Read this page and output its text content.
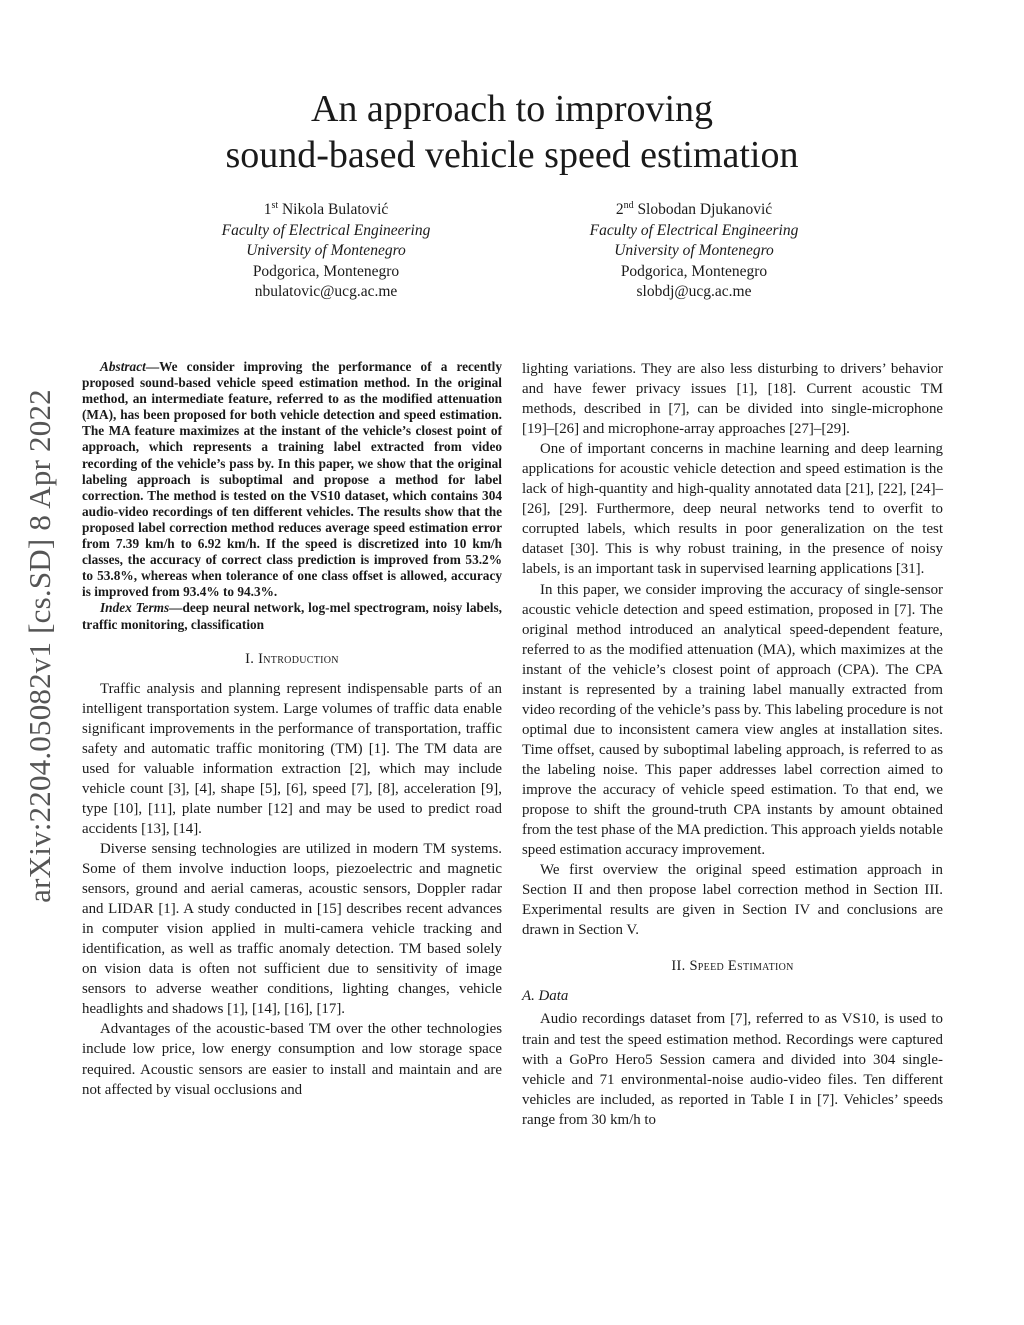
An approach to improving
sound-based vehicle speed estimation
1st Nikola Bulatović
Faculty of Electrical Engineering
University of Montenegro
Podgorica, Montenegro
nbulatovic@ucg.ac.me
2nd Slobodan Djukanović
Faculty of Electrical Engineering
University of Montenegro
Podgorica, Montenegro
slobdj@ucg.ac.me
arXiv:2204.05082v1 [cs.SD] 8 Apr 2022

Abstract—We consider improving the performance of a recently proposed sound-based vehicle speed estimation method. In the original method, an intermediate feature, referred to as the modified attenuation (MA), has been proposed for both vehicle detection and speed estimation. The MA feature maximizes at the instant of the vehicle’s closest point of approach, which represents a training label extracted from video recording of the vehicle’s pass by. In this paper, we show that the original labeling approach is suboptimal and propose a method for label correction. The method is tested on the VS10 dataset, which contains 304 audio-video recordings of ten different vehicles. The results show that the proposed label correction method reduces average speed estimation error from 7.39 km/h to 6.92 km/h. If the speed is discretized into 10 km/h classes, the accuracy of correct class prediction is improved from 53.2% to 53.8%, whereas when tolerance of one class offset is allowed, accuracy is improved from 93.4% to 94.3%.

Index Terms—deep neural network, log-mel spectrogram, noisy labels, traffic monitoring, classification

I. Introduction

Traffic analysis and planning represent indispensable parts of an intelligent transportation system. Large volumes of traffic data enable significant improvements in the performance of transportation, traffic safety and automatic traffic monitoring (TM) [1]. The TM data are used for valuable information extraction [2], which may include vehicle count [3], [4], shape [5], [6], speed [7], [8], acceleration [9], type [10], [11], plate number [12] and may be used to predict road accidents [13], [14].

Diverse sensing technologies are utilized in modern TM systems. Some of them involve induction loops, piezoelectric and magnetic sensors, ground and aerial cameras, acoustic sensors, Doppler radar and LIDAR [1]. A study conducted in [15] describes recent advances in computer vision applied in multi-camera vehicle tracking and identification, as well as traffic anomaly detection. TM based solely on vision data is often not sufficient due to sensitivity of image sensors to adverse weather conditions, lighting changes, vehicle headlights and shadows [1], [14], [16], [17].

Advantages of the acoustic-based TM over the other technologies include low price, low energy consumption and low storage space required. Acoustic sensors are easier to install and maintain and are not affected by visual occlusions and

lighting variations. They are also less disturbing to drivers’ behavior and have fewer privacy issues [1], [18]. Current acoustic TM methods, described in [7], can be divided into single-microphone [19]–[26] and microphone-array approaches [27]–[29].

One of important concerns in machine learning and deep learning applications for acoustic vehicle detection and speed estimation is the lack of high-quantity and high-quality annotated data [21], [22], [24]–[26], [29]. Furthermore, deep neural networks tend to overfit to corrupted labels, which results in poor generalization on the test dataset [30]. This is why robust training, in the presence of noisy labels, is an important task in supervised learning applications [31].

In this paper, we consider improving the accuracy of single-sensor acoustic vehicle detection and speed estimation, proposed in [7]. The original method introduced an analytical speed-dependent feature, referred to as the modified attenuation (MA), which maximizes at the instant of the vehicle’s closest point of approach (CPA). The CPA instant is represented by a training label manually extracted from video recording of the vehicle’s pass by. This labeling procedure is not optimal due to inconsistent camera view angles at installation sites. Time offset, caused by suboptimal labeling approach, is referred to as the labeling noise. This paper addresses label correction aimed to improve the accuracy of vehicle speed estimation. To that end, we propose to shift the ground-truth CPA instants by amount obtained from the test phase of the MA prediction. This approach yields notable speed estimation accuracy improvement.

We first overview the original speed estimation approach in Section II and then propose label correction method in Section III. Experimental results are given in Section IV and conclusions are drawn in Section V.

II. Speed Estimation
A. Data

Audio recordings dataset from [7], referred to as VS10, is used to train and test the speed estimation method. Recordings were captured with a GoPro Hero5 Session camera and divided into 304 single-vehicle and 71 environmental-noise audio-video files. Ten different vehicles are included, as reported in Table I in [7]. Vehicles’ speeds range from 30 km/h to
